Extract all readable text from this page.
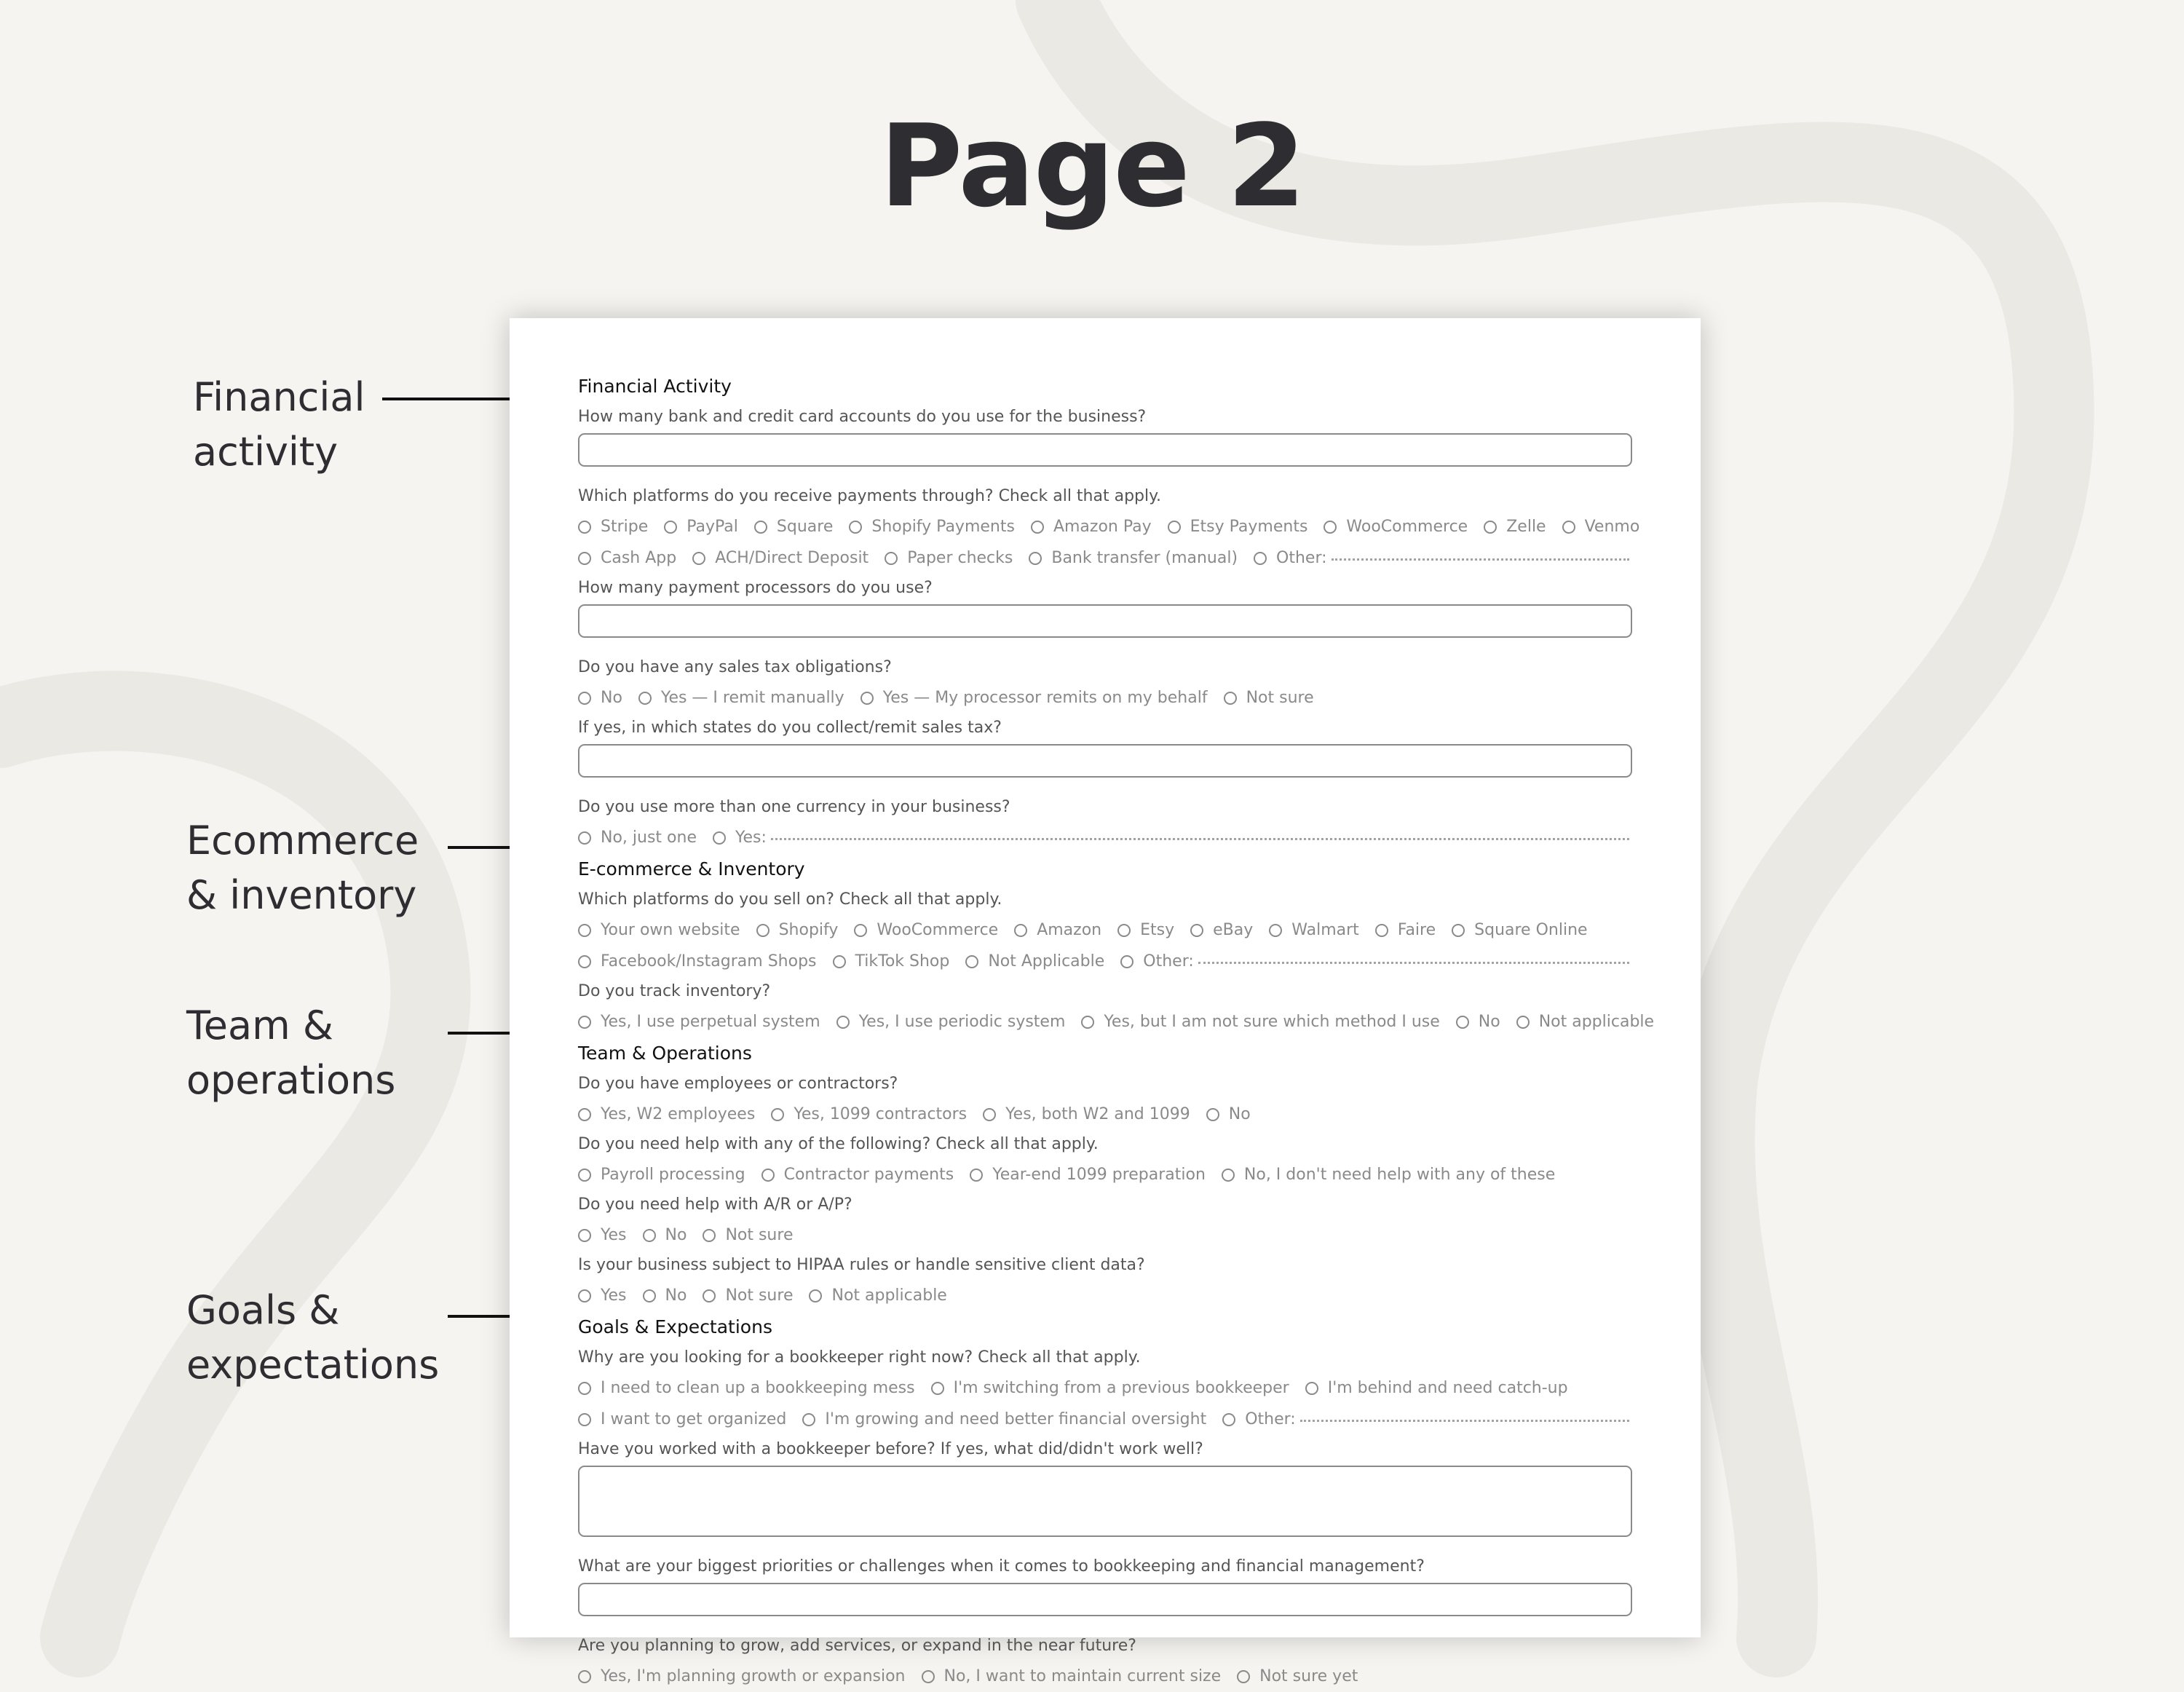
Page 2
Financial
activity
Ecommerce
& inventory
Team &
operations
Goals &
expectations
Financial Activity
How many bank and credit card accounts do you use for the business?
Which platforms do you receive payments through? Check all that apply.
Stripe PayPal Square Shopify Payments Amazon Pay Etsy Payments WooCommerce Zelle Venmo
Cash App ACH/Direct Deposit Paper checks Bank transfer (manual) Other:
How many payment processors do you use?
Do you have any sales tax obligations?
No Yes — I remit manually Yes — My processor remits on my behalf Not sure
If yes, in which states do you collect/remit sales tax?
Do you use more than one currency in your business?
No, just one Yes:
E-commerce & Inventory
Which platforms do you sell on? Check all that apply.
Your own website Shopify WooCommerce Amazon Etsy eBay Walmart Faire Square Online
Facebook/Instagram Shops TikTok Shop Not Applicable Other:
Do you track inventory?
Yes, I use perpetual system Yes, I use periodic system Yes, but I am not sure which method I use No Not applicable
Team & Operations
Do you have employees or contractors?
Yes, W2 employees Yes, 1099 contractors Yes, both W2 and 1099 No
Do you need help with any of the following? Check all that apply.
Payroll processing Contractor payments Year-end 1099 preparation No, I don't need help with any of these
Do you need help with A/R or A/P?
Yes No Not sure
Is your business subject to HIPAA rules or handle sensitive client data?
Yes No Not sure Not applicable
Goals & Expectations
Why are you looking for a bookkeeper right now? Check all that apply.
I need to clean up a bookkeeping mess I'm switching from a previous bookkeeper I'm behind and need catch-up
I want to get organized I'm growing and need better financial oversight Other:
Have you worked with a bookkeeper before? If yes, what did/didn't work well?
What are your biggest priorities or challenges when it comes to bookkeeping and financial management?
Are you planning to grow, add services, or expand in the near future?
Yes, I'm planning growth or expansion No, I want to maintain current size Not sure yet
